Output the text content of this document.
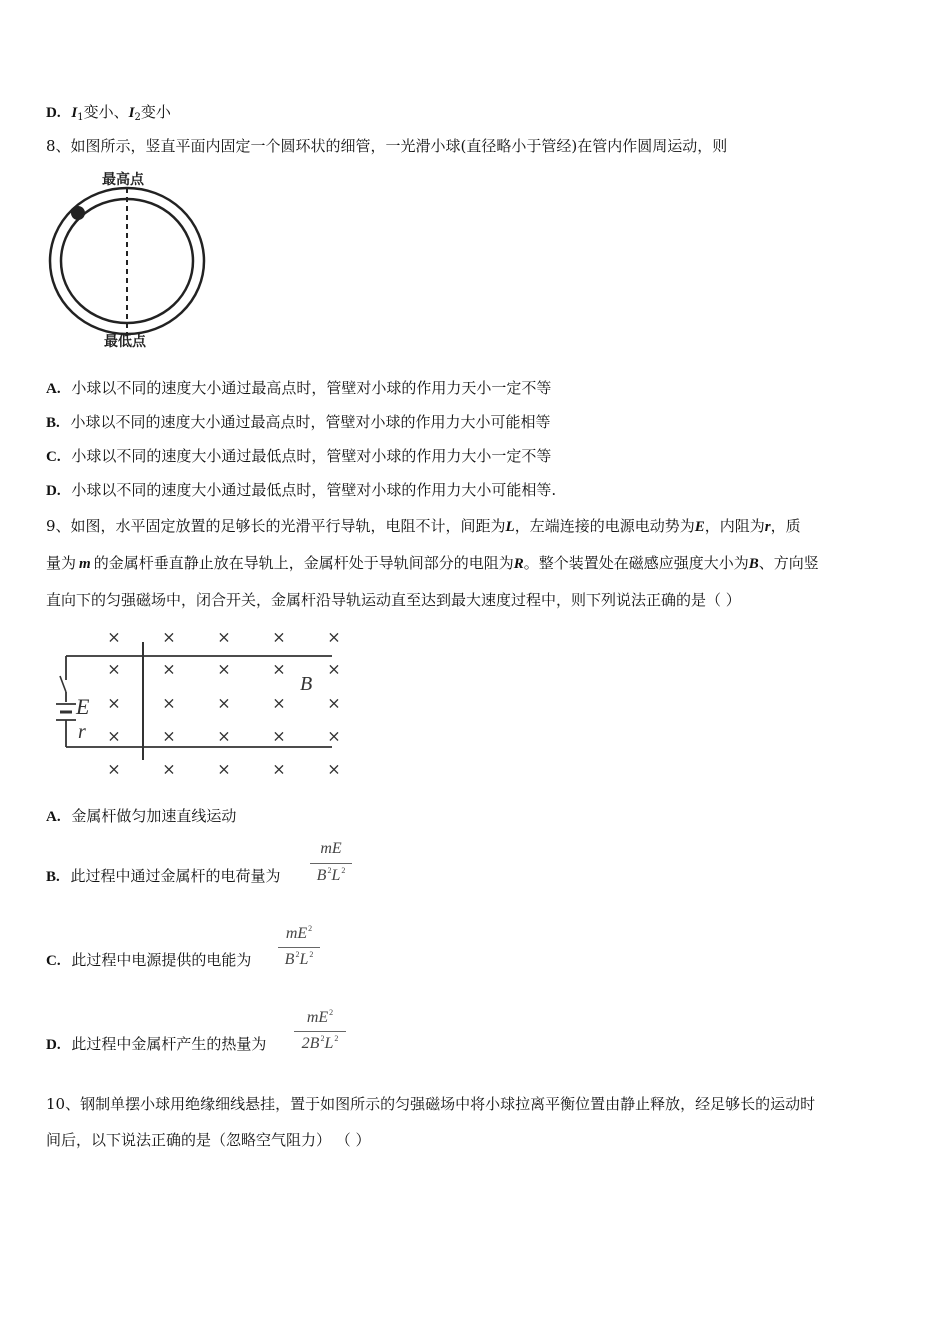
D. $I_1$变小、$I_2$变小
8、如图所示，竖直平面内固定一个圆环状的细管，一光滑小球(直径略小于管经)在管内作圆周运动，则
最高点
最低点
A. 小球以不同的速度大小通过最高点时，管壁对小球的作用力天小一定不等
B. 小球以不同的速度大小通过最高点时，管壁对小球的作用力大小可能相等
C. 小球以不同的速度大小通过最低点时，管壁对小球的作用力大小一定不等
D. 小球以不同的速度大小通过最低点时，管壁对小球的作用力大小可能相等.
9、如图，水平固定放置的足够长的光滑平行导轨，电阻不计，间距为L，左端连接的电源电动势为E，内阻为r，质
量为 m 的金属杆垂直静止放在导轨上，金属杆处于导轨间部分的电阻为R。整个装置处在磁感应强度大小为B、方向竖
直向下的匀强磁场中，闭合开关，金属杆沿导轨运动直至达到最大速度过程中，则下列说法正确的是（ ）
×	×	×	×	×
×	×	×	×	×
×	×	×	×	×
×	×	×	×	×
×	×	×	×	×
E
r
B
A. 金属杆做匀加速直线运动
B. 此过程中通过金属杆的电荷量为
mE
$B^2L^2$
C. 此过程中电源提供的电能为
$mE^2$
$B^2L^2$
D. 此过程中金属杆产生的热量为
$mE^2$
$2B^2L^2$
10、钢制单摆小球用绝缘细线悬挂，置于如图所示的匀强磁场中将小球拉离平衡位置由静止释放，经足够长的运动时
间后，以下说法正确的是（忽略空气阻力） （ ）
